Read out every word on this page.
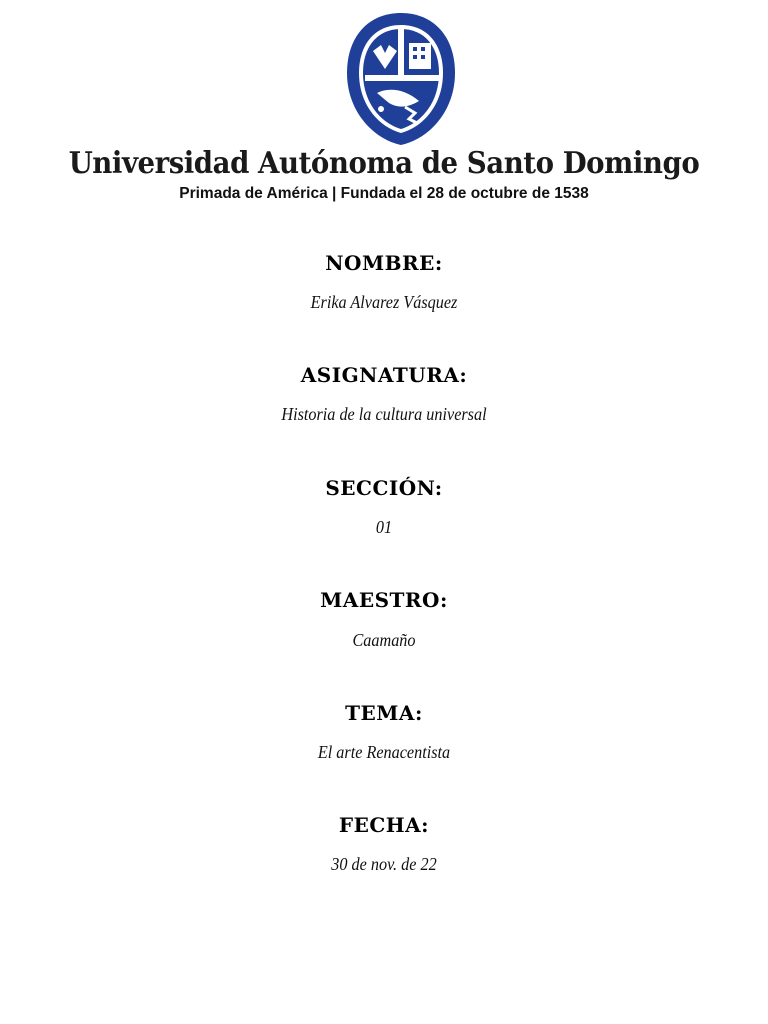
Universidad Autónoma de Santo Domingo
Primada de América | Fundada el 28 de octubre de 1538
NOMBRE:
Erika Alvarez Vásquez
ASIGNATURA:
Historia de la cultura universal
SECCIÓN:
01
MAESTRO:
Caamaño
TEMA:
El arte Renacentista
FECHA:
30 de nov. de 22
